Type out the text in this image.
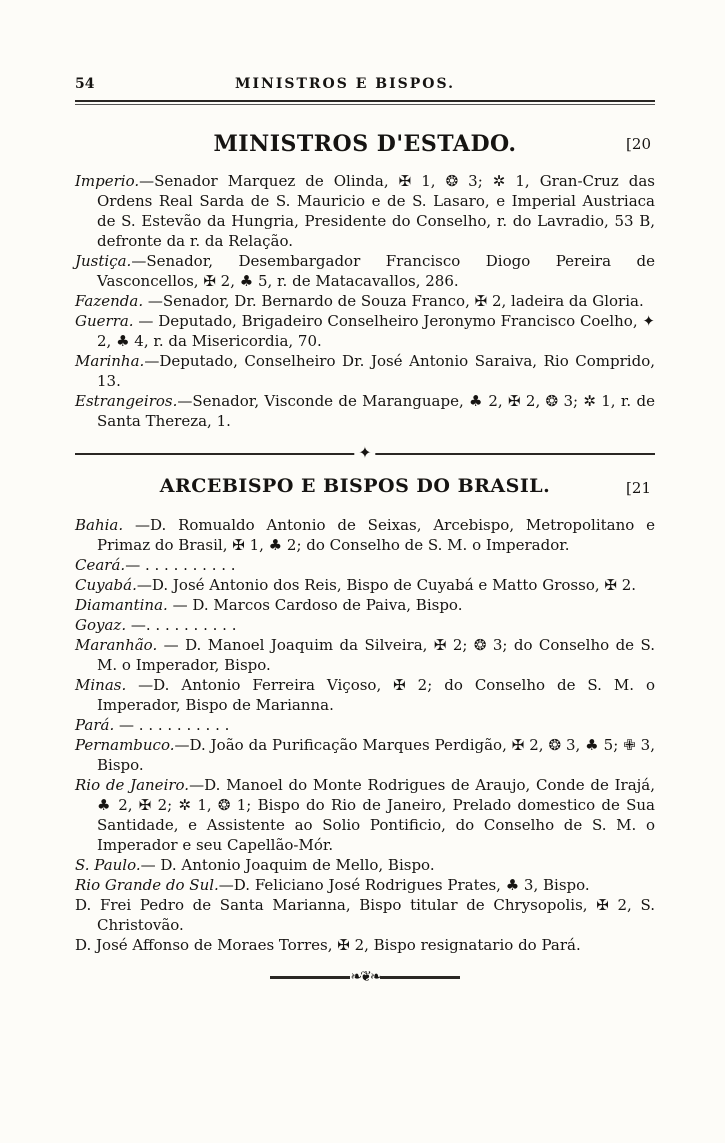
54	MINISTROS E BISPOS.
MINISTROS D'ESTADO.	[20

Imperio.—Senador Marquez de Olinda, ✠ 1, ❂ 3; ✲ 1, Gran-Cruz das Ordens Real Sarda de S. Mauricio e de S. Lasaro, e Imperial Austriaca de S. Estevão da Hungria, Presidente do Conselho, r. do Lavradio, 53 B, defronte da r. da Relação.

Justiça.—Senador, Desembargador Francisco Diogo Pereira de Vasconcellos, ✠ 2, ♣ 5, r. de Matacavallos, 286.

Fazenda. —Senador, Dr. Bernardo de Souza Franco, ✠ 2, ladeira da Gloria.

Guerra. — Deputado, Brigadeiro Conselheiro Jeronymo Francisco Coelho, ✦ 2, ♣ 4, r. da Misericordia, 70.

Marinha.—Deputado, Conselheiro Dr. José Antonio Saraiva, Rio Comprido, 13.

Estrangeiros.—Senador, Visconde de Maranguape, ♣ 2, ✠ 2, ❂ 3; ✲ 1, r. de Santa Thereza, 1.

✦
ARCEBISPO E BISPOS DO BRASIL.	[21

Bahia. —D. Romualdo Antonio de Seixas, Arcebispo, Metropolitano e Primaz do Brasil, ✠ 1, ♣ 2; do Conselho de S. M. o Imperador.

Ceará.— . . . . . . . . . .

Cuyabá.—D. José Antonio dos Reis, Bispo de Cuyabá e Matto Grosso, ✠ 2.

Diamantina. — D. Marcos Cardoso de Paiva, Bispo.

Goyaz. —. . . . . . . . . .

Maranhão. — D. Manoel Joaquim da Silveira, ✠ 2; ❂ 3; do Conselho de S. M. o Imperador, Bispo.

Minas. —D. Antonio Ferreira Viçoso, ✠ 2; do Conselho de S. M. o Imperador, Bispo de Marianna.

Pará. — . . . . . . . . . .

Pernambuco.—D. João da Purificação Marques Perdigão, ✠ 2, ❂ 3, ♣ 5; ✙ 3, Bispo.

Rio de Janeiro.—D. Manoel do Monte Rodrigues de Araujo, Conde de Irajá, ♣ 2, ✠ 2; ✲ 1, ❂ 1; Bispo do Rio de Janeiro, Prelado domestico de Sua Santidade, e Assistente ao Solio Pontificio, do Conselho de S. M. o Imperador e seu Capellão-Mór.

S. Paulo.— D. Antonio Joaquim de Mello, Bispo.

Rio Grande do Sul.—D. Feliciano José Rodrigues Prates, ♣ 3, Bispo.

D. Frei Pedro de Santa Marianna, Bispo titular de Chrysopolis, ✠ 2, S. Christovão.

D. José Affonso de Moraes Torres, ✠ 2, Bispo resignatario do Pará.

❧❦❧
